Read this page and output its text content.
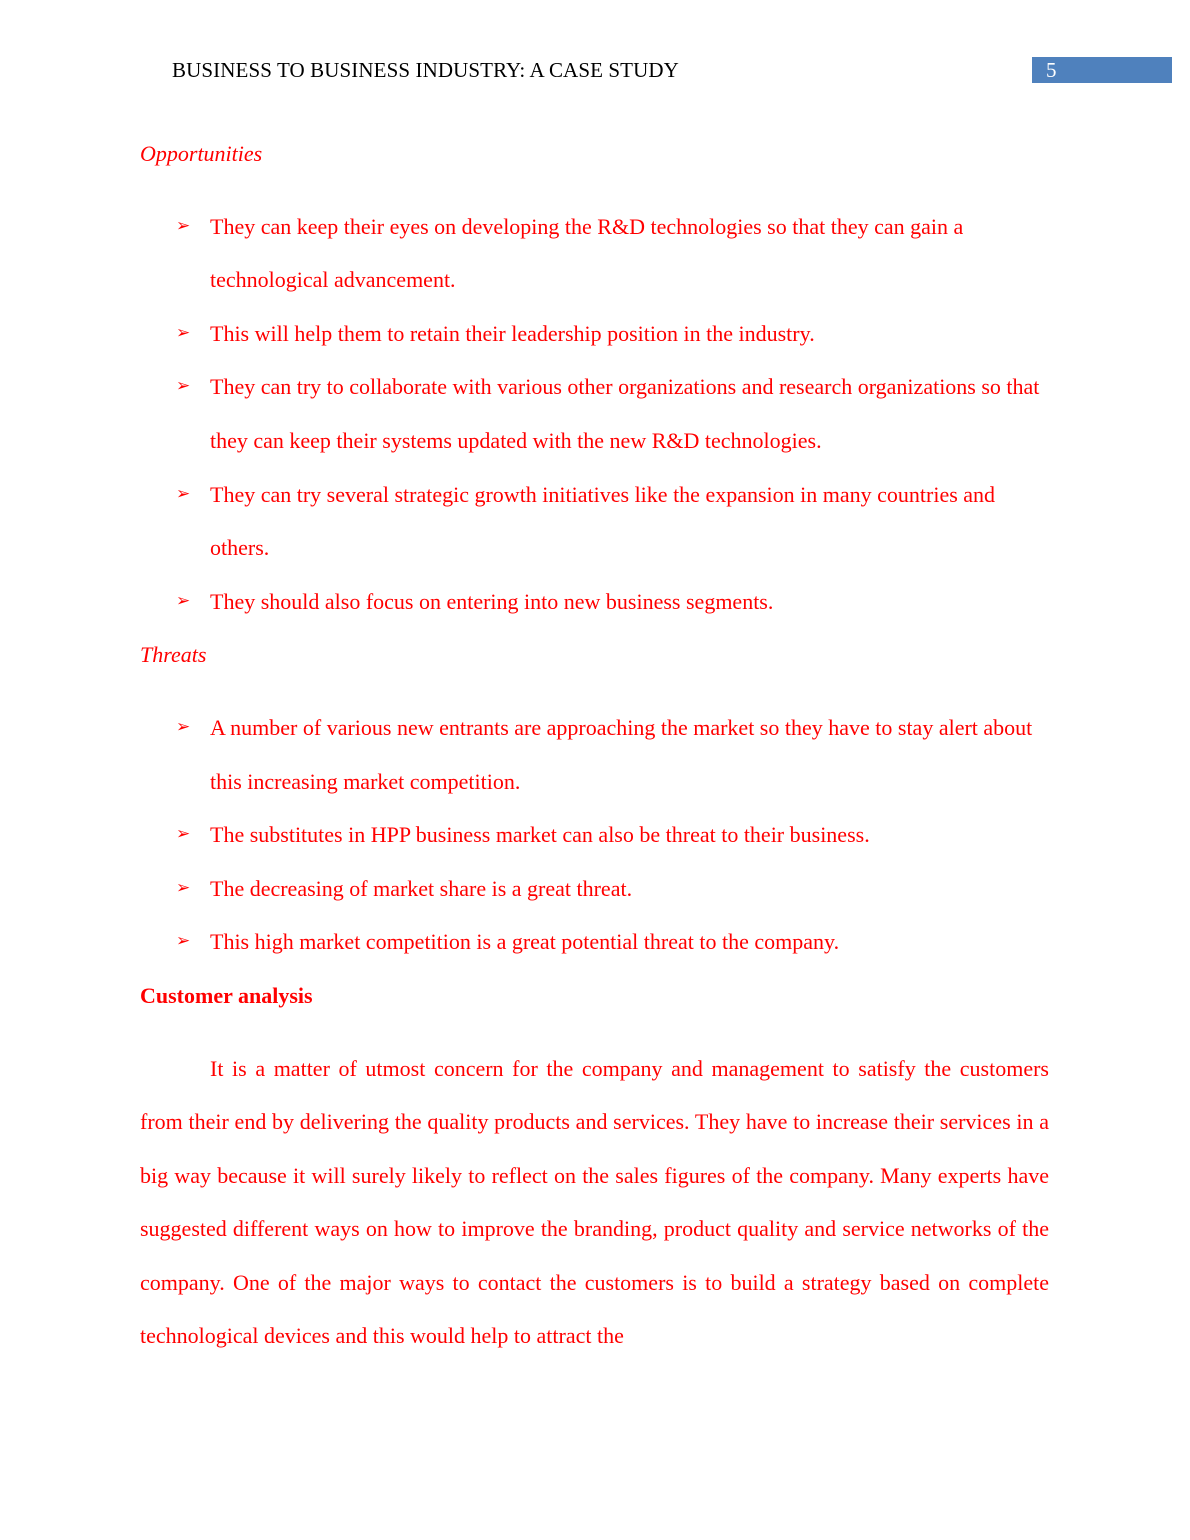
BUSINESS TO BUSINESS INDUSTRY: A CASE STUDY	5
Opportunities
➢ They can keep their eyes on developing the R&D technologies so that they can gain a technological advancement.
➢ This will help them to retain their leadership position in the industry.
➢ They can try to collaborate with various other organizations and research organizations so that they can keep their systems updated with the new R&D technologies.
➢ They can try several strategic growth initiatives like the expansion in many countries and others.
➢ They should also focus on entering into new business segments.
Threats
➢ A number of various new entrants are approaching the market so they have to stay alert about this increasing market competition.
➢ The substitutes in HPP business market can also be threat to their business.
➢ The decreasing of market share is a great threat.
➢ This high market competition is a great potential threat to the company.
Customer analysis

It is a matter of utmost concern for the company and management to satisfy the customers from their end by delivering the quality products and services. They have to increase their services in a big way because it will surely likely to reflect on the sales figures of the company. Many experts have suggested different ways on how to improve the branding, product quality and service networks of the company. One of the major ways to contact the customers is to build a strategy based on complete technological devices and this would help to attract the
